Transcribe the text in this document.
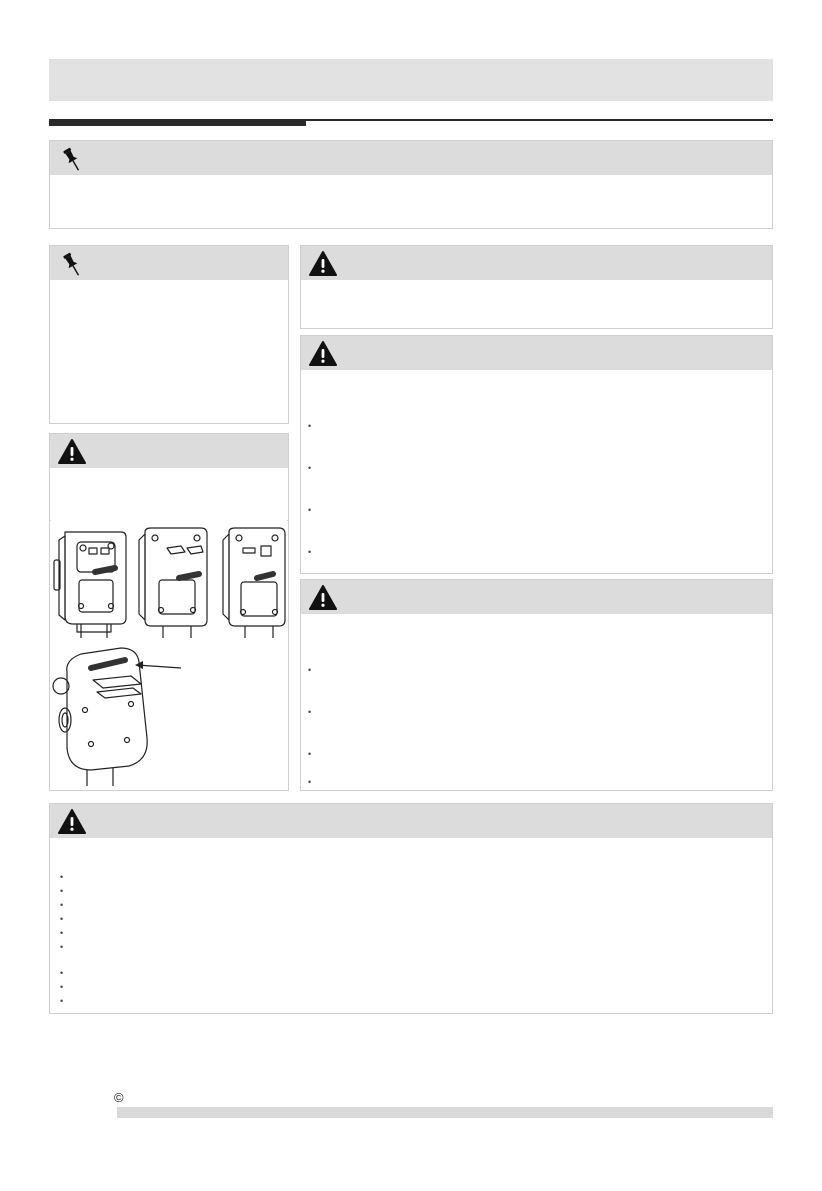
•
•
•
•
•
•
•
•
•
•
•
•
•
•
•
•
•
©
